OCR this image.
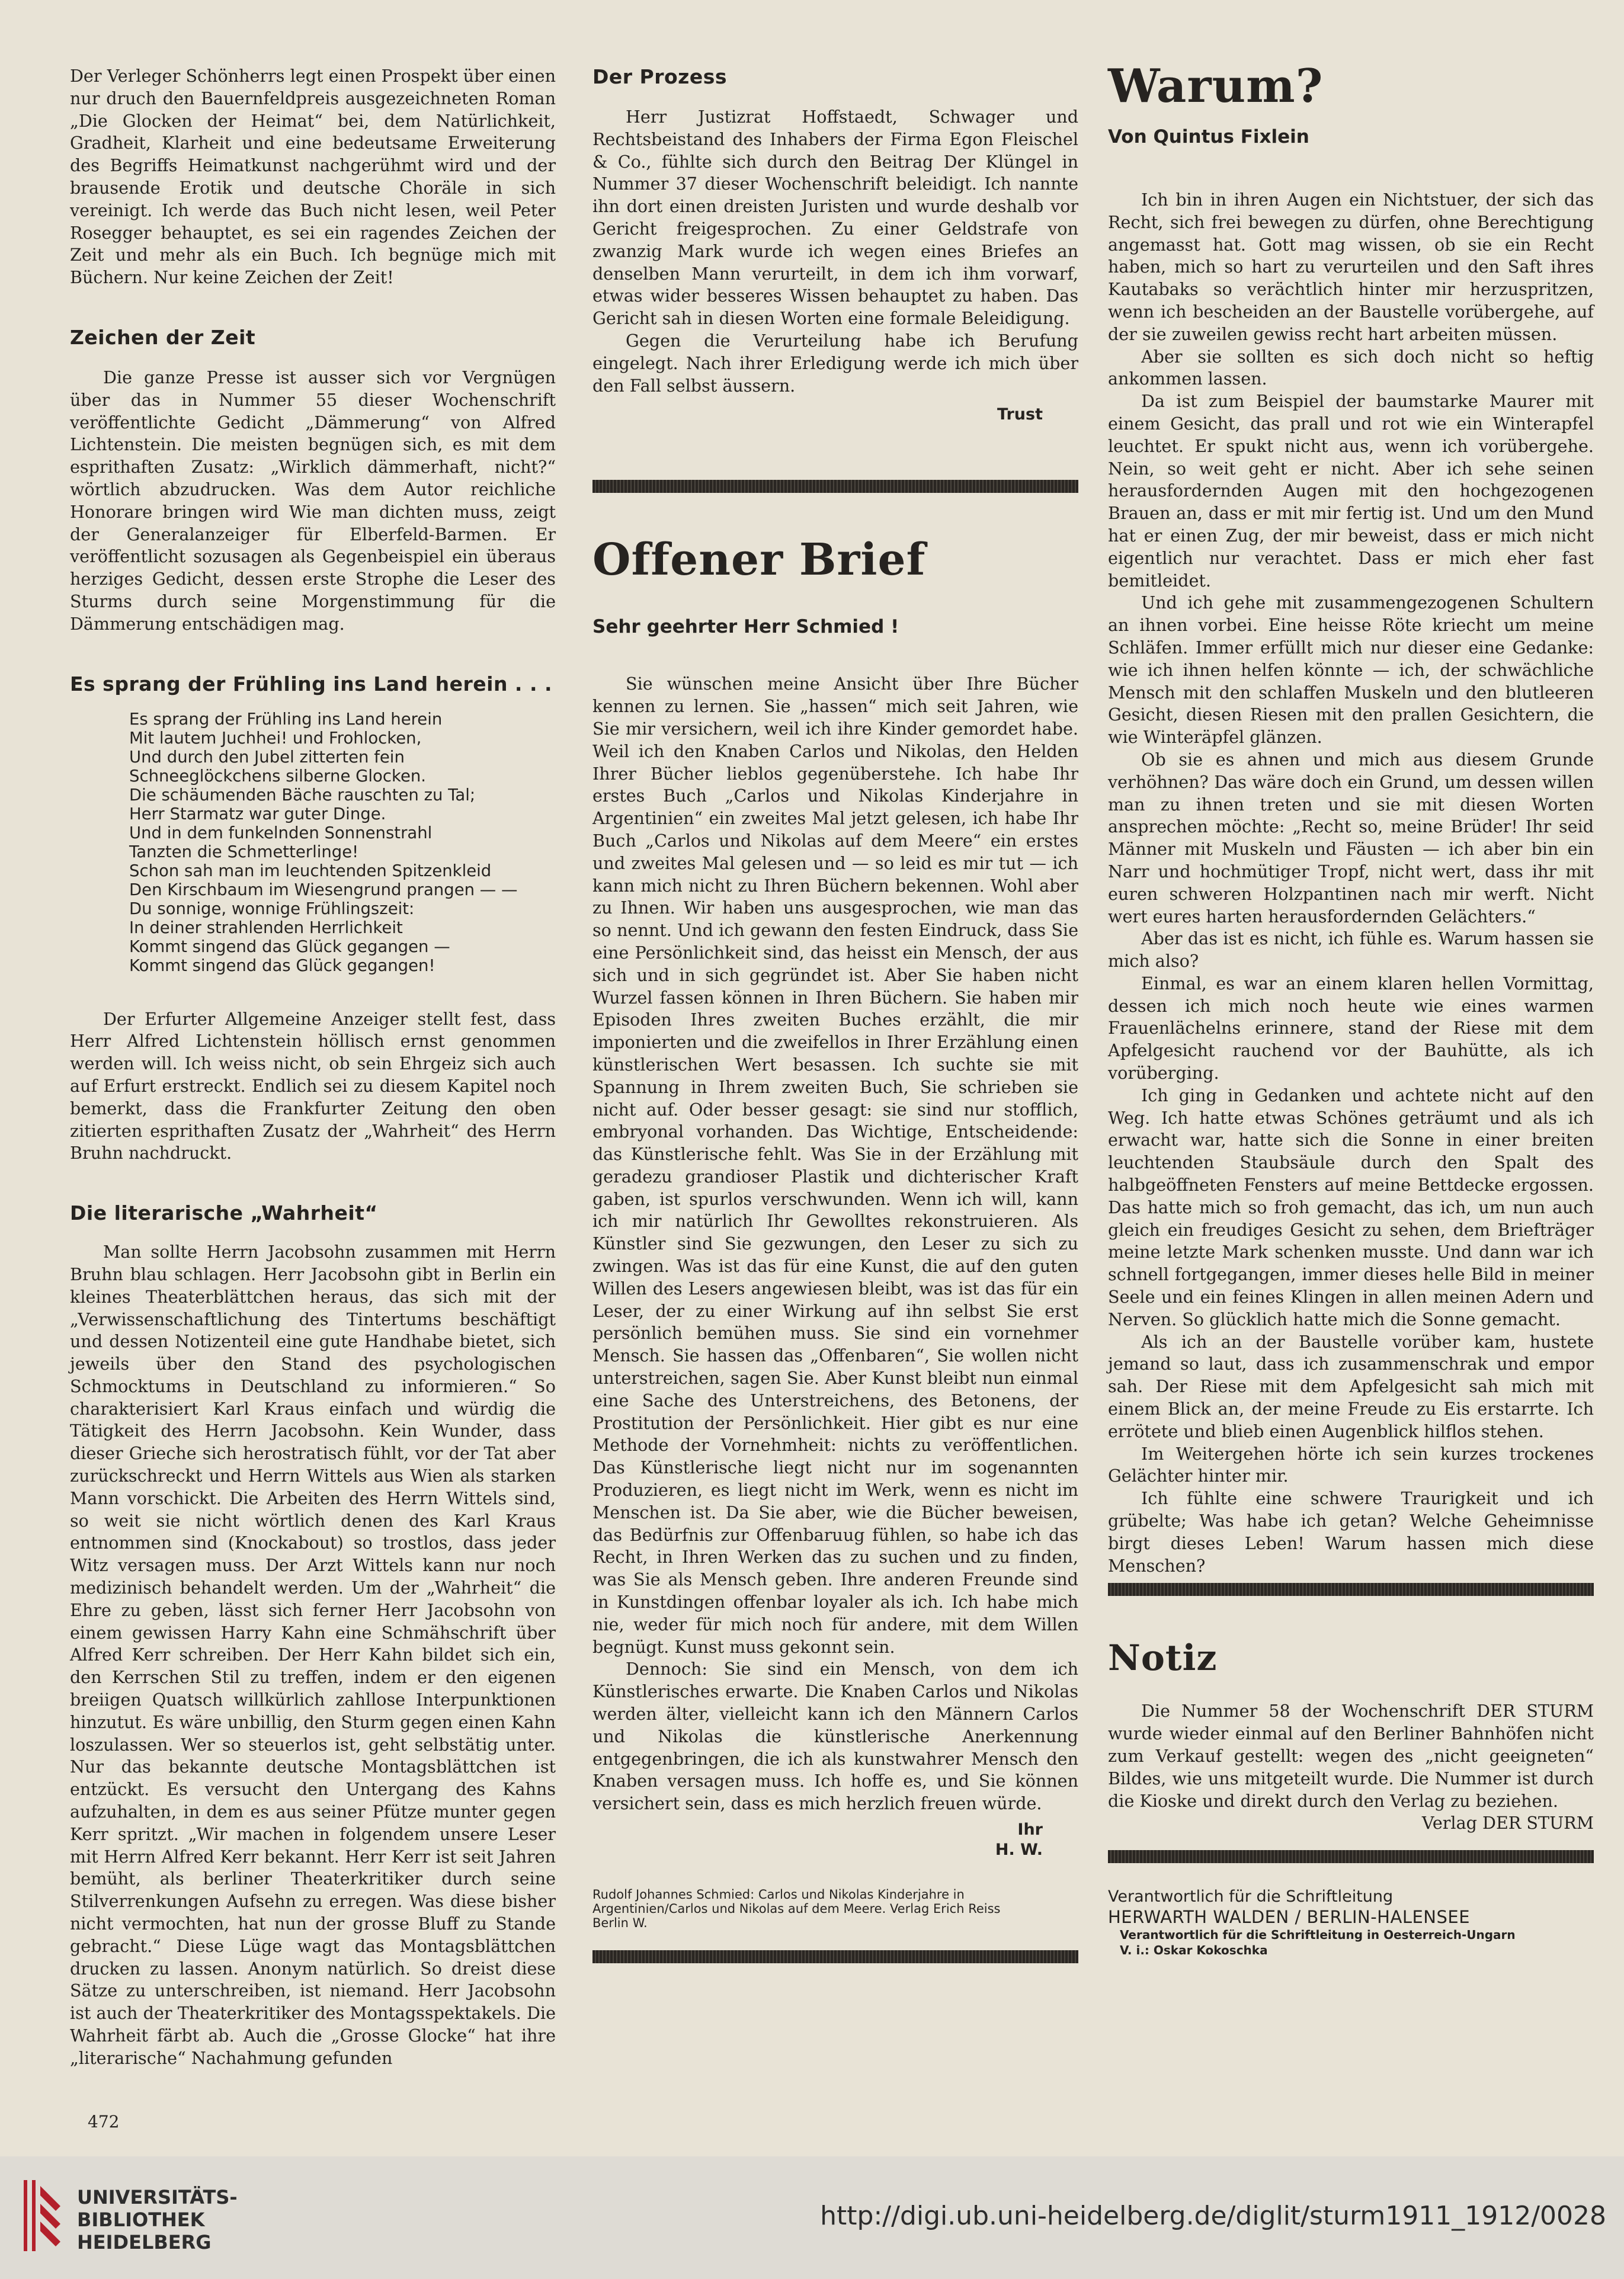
Der Verleger Schönherrs legt einen Prospekt über einen nur druch den Bauernfeldpreis ausgezeichneten Roman „Die Glocken der Heimat“ bei, dem Natürlichkeit, Gradheit, Klarheit und eine bedeutsame Erweiterung des Begriffs Heimatkunst nachgerühmt wird und der brausende Erotik und deutsche Choräle in sich vereinigt. Ich werde das Buch nicht lesen, weil Peter Rosegger behauptet, es sei ein ragendes Zeichen der Zeit und mehr als ein Buch. Ich begnüge mich mit Büchern. Nur keine Zeichen der Zeit!

Zeichen der Zeit

Die ganze Presse ist ausser sich vor Vergnügen über das in Nummer 55 dieser Wochenschrift veröffentlichte Gedicht „Dämmerung“ von Alfred Lichtenstein. Die meisten begnügen sich, es mit dem esprithaften Zusatz: „Wirklich dämmerhaft, nicht?“ wörtlich abzudrucken. Was dem Autor reichliche Honorare bringen wird Wie man dichten muss, zeigt der Generalanzeiger für Elberfeld-Barmen. Er veröffentlicht sozusagen als Gegenbeispiel ein überaus herziges Gedicht, dessen erste Strophe die Leser des Sturms durch seine Morgenstimmung für die Dämmerung entschädigen mag.

Es sprang der Frühling ins Land herein . . .

Es sprang der Frühling ins Land herein
Mit lautem Juchhei! und Frohlocken,
Und durch den Jubel zitterten fein
Schneeglöckchens silberne Glocken.
Die schäumenden Bäche rauschten zu Tal;
Herr Starmatz war guter Dinge.
Und in dem funkelnden Sonnenstrahl
Tanzten die Schmetterlinge!
Schon sah man im leuchtenden Spitzenkleid
Den Kirschbaum im Wiesengrund prangen — —
Du sonnige, wonnige Frühlingszeit:
In deiner strahlenden Herrlichkeit
Kommt singend das Glück gegangen —
Kommt singend das Glück gegangen!

Der Erfurter Allgemeine Anzeiger stellt fest, dass Herr Alfred Lichtenstein höllisch ernst genommen werden will. Ich weiss nicht, ob sein Ehrgeiz sich auch auf Erfurt erstreckt. Endlich sei zu diesem Kapitel noch bemerkt, dass die Frankfurter Zeitung den oben zitierten esprithaften Zusatz der „Wahrheit“ des Herrn Bruhn nachdruckt.

Die literarische „Wahrheit“

Man sollte Herrn Jacobsohn zusammen mit Herrn Bruhn blau schlagen. Herr Jacobsohn gibt in Berlin ein kleines Theaterblättchen heraus, das sich mit der „Verwissenschaftlichung des Tintertums beschäftigt und dessen Notizenteil eine gute Handhabe bietet, sich jeweils über den Stand des psychologischen Schmocktums in Deutschland zu informieren.“ So charakterisiert Karl Kraus einfach und würdig die Tätigkeit des Herrn Jacobsohn. Kein Wunder, dass dieser Grieche sich herostratisch fühlt, vor der Tat aber zurückschreckt und Herrn Wittels aus Wien als starken Mann vorschickt. Die Arbeiten des Herrn Wittels sind, so weit sie nicht wörtlich denen des Karl Kraus entnommen sind (Knockabout) so trostlos, dass jeder Witz versagen muss. Der Arzt Wittels kann nur noch medizinisch behandelt werden. Um der „Wahrheit“ die Ehre zu geben, lässt sich ferner Herr Jacobsohn von einem gewissen Harry Kahn eine Schmähschrift über Alfred Kerr schreiben. Der Herr Kahn bildet sich ein, den Kerrschen Stil zu treffen, indem er den eigenen breiigen Quatsch willkürlich zahllose Interpunktionen hinzutut. Es wäre unbillig, den Sturm gegen einen Kahn loszulassen. Wer so steuerlos ist, geht selbstätig unter. Nur das bekannte deutsche Montagsblättchen ist entzückt. Es versucht den Untergang des Kahns aufzuhalten, in dem es aus seiner Pfütze munter gegen Kerr spritzt. „Wir machen in folgendem unsere Leser mit Herrn Alfred Kerr bekannt. Herr Kerr ist seit Jahren bemüht, als berliner Theaterkritiker durch seine Stilverrenkungen Aufsehn zu erregen. Was diese bisher nicht vermochten, hat nun der grosse Bluff zu Stande gebracht.“ Diese Lüge wagt das Montagsblättchen drucken zu lassen. Anonym natürlich. So dreist diese Sätze zu unterschreiben, ist niemand. Herr Jacobsohn ist auch der Theaterkritiker des Montagsspektakels. Die Wahrheit färbt ab. Auch die „Grosse Glocke“ hat ihre „literarische“ Nachahmung gefunden

Der Prozess

Herr Justizrat Hoffstaedt, Schwager und Rechtsbeistand des Inhabers der Firma Egon Fleischel & Co., fühlte sich durch den Beitrag Der Klüngel in Nummer 37 dieser Wochenschrift beleidigt. Ich nannte ihn dort einen dreisten Juristen und wurde deshalb vor Gericht freigesprochen. Zu einer Geldstrafe von zwanzig Mark wurde ich wegen eines Briefes an denselben Mann verurteilt, in dem ich ihm vorwarf, etwas wider besseres Wissen behauptet zu haben. Das Gericht sah in diesen Worten eine formale Beleidigung.

Gegen die Verurteilung habe ich Berufung eingelegt. Nach ihrer Erledigung werde ich mich über den Fall selbst äussern.

Trust

Offener Brief

Sehr geehrter Herr Schmied !

Sie wünschen meine Ansicht über Ihre Bücher kennen zu lernen. Sie „hassen“ mich seit Jahren, wie Sie mir versichern, weil ich ihre Kinder gemordet habe. Weil ich den Knaben Carlos und Nikolas, den Helden Ihrer Bücher lieblos gegenüberstehe. Ich habe Ihr erstes Buch „Carlos und Nikolas Kinderjahre in Argentinien“ ein zweites Mal jetzt gelesen, ich habe Ihr Buch „Carlos und Nikolas auf dem Meere“ ein erstes und zweites Mal gelesen und — so leid es mir tut — ich kann mich nicht zu Ihren Büchern bekennen. Wohl aber zu Ihnen. Wir haben uns ausgesprochen, wie man das so nennt. Und ich gewann den festen Eindruck, dass Sie eine Persönlichkeit sind, das heisst ein Mensch, der aus sich und in sich gegründet ist. Aber Sie haben nicht Wurzel fassen können in Ihren Büchern. Sie haben mir Episoden Ihres zweiten Buches erzählt, die mir imponierten und die zweifellos in Ihrer Erzählung einen künstlerischen Wert besassen. Ich suchte sie mit Spannung in Ihrem zweiten Buch, Sie schrieben sie nicht auf. Oder besser gesagt: sie sind nur stofflich, embryonal vorhanden. Das Wichtige, Entscheidende: das Künstlerische fehlt. Was Sie in der Erzählung mit geradezu grandioser Plastik und dichterischer Kraft gaben, ist spurlos verschwunden. Wenn ich will, kann ich mir natürlich Ihr Gewolltes rekonstruieren. Als Künstler sind Sie gezwungen, den Leser zu sich zu zwingen. Was ist das für eine Kunst, die auf den guten Willen des Lesers angewiesen bleibt, was ist das für ein Leser, der zu einer Wirkung auf ihn selbst Sie erst persönlich bemühen muss. Sie sind ein vornehmer Mensch. Sie hassen das „Offenbaren“, Sie wollen nicht unterstreichen, sagen Sie. Aber Kunst bleibt nun einmal eine Sache des Unterstreichens, des Betonens, der Prostitution der Persönlichkeit. Hier gibt es nur eine Methode der Vornehmheit: nichts zu veröffentlichen. Das Künstlerische liegt nicht nur im sogenannten Produzieren, es liegt nicht im Werk, wenn es nicht im Menschen ist. Da Sie aber, wie die Bücher beweisen, das Bedürfnis zur Offenbaruug fühlen, so habe ich das Recht, in Ihren Werken das zu suchen und zu finden, was Sie als Mensch geben. Ihre anderen Freunde sind in Kunstdingen offenbar loyaler als ich. Ich habe mich nie, weder für mich noch für andere, mit dem Willen begnügt. Kunst muss gekonnt sein.

Dennoch: Sie sind ein Mensch, von dem ich Künstlerisches erwarte. Die Knaben Carlos und Nikolas werden älter, vielleicht kann ich den Männern Carlos und Nikolas die künstlerische Anerkennung entgegenbringen, die ich als kunstwahrer Mensch den Knaben versagen muss. Ich hoffe es, und Sie können versichert sein, dass es mich herzlich freuen würde.

Ihr
H. W.

Rudolf Johannes Schmied: Carlos und Nikolas Kinderjahre in
Argentinien/Carlos und Nikolas auf dem Meere. Verlag Erich Reiss
Berlin W.

Warum?

Von Quintus Fixlein

Ich bin in ihren Augen ein Nichtstuer, der sich das Recht, sich frei bewegen zu dürfen, ohne Berechtigung angemasst hat. Gott mag wissen, ob sie ein Recht haben, mich so hart zu verurteilen und den Saft ihres Kautabaks so verächtlich hinter mir herzuspritzen, wenn ich bescheiden an der Baustelle vorübergehe, auf der sie zuweilen gewiss recht hart arbeiten müssen.

Aber sie sollten es sich doch nicht so heftig ankommen lassen.

Da ist zum Beispiel der baumstarke Maurer mit einem Gesicht, das prall und rot wie ein Winterapfel leuchtet. Er spukt nicht aus, wenn ich vorübergehe. Nein, so weit geht er nicht. Aber ich sehe seinen herausfordernden Augen mit den hochgezogenen Brauen an, dass er mit mir fertig ist. Und um den Mund hat er einen Zug, der mir beweist, dass er mich nicht eigentlich nur verachtet. Dass er mich eher fast bemitleidet.

Und ich gehe mit zusammengezogenen Schultern an ihnen vorbei. Eine heisse Röte kriecht um meine Schläfen. Immer erfüllt mich nur dieser eine Gedanke: wie ich ihnen helfen könnte — ich, der schwächliche Mensch mit den schlaffen Muskeln und den blutleeren Gesicht, diesen Riesen mit den prallen Gesichtern, die wie Winteräpfel glänzen.

Ob sie es ahnen und mich aus diesem Grunde verhöhnen? Das wäre doch ein Grund, um dessen willen man zu ihnen treten und sie mit diesen Worten ansprechen möchte: „Recht so, meine Brüder! Ihr seid Männer mit Muskeln und Fäusten — ich aber bin ein Narr und hochmütiger Tropf, nicht wert, dass ihr mit euren schweren Holzpantinen nach mir werft. Nicht wert eures harten herausfordernden Gelächters.“

Aber das ist es nicht, ich fühle es. Warum hassen sie mich also?

Einmal, es war an einem klaren hellen Vormittag, dessen ich mich noch heute wie eines warmen Frauenlächelns erinnere, stand der Riese mit dem Apfelgesicht rauchend vor der Bauhütte, als ich vorüberging.

Ich ging in Gedanken und achtete nicht auf den Weg. Ich hatte etwas Schönes geträumt und als ich erwacht war, hatte sich die Sonne in einer breiten leuchtenden Staubsäule durch den Spalt des halbgeöffneten Fensters auf meine Bettdecke ergossen. Das hatte mich so froh gemacht, das ich, um nun auch gleich ein freudiges Gesicht zu sehen, dem Briefträger meine letzte Mark schenken musste. Und dann war ich schnell fortgegangen, immer dieses helle Bild in meiner Seele und ein feines Klingen in allen meinen Adern und Nerven. So glücklich hatte mich die Sonne gemacht.

Als ich an der Baustelle vorüber kam, hustete jemand so laut, dass ich zusammenschrak und empor sah. Der Riese mit dem Apfelgesicht sah mich mit einem Blick an, der meine Freude zu Eis erstarrte. Ich errötete und blieb einen Augenblick hilflos stehen.

Im Weitergehen hörte ich sein kurzes trockenes Gelächter hinter mir.

Ich fühlte eine schwere Traurigkeit und ich grübelte; Was habe ich getan? Welche Geheimnisse birgt dieses Leben! Warum hassen mich diese Menschen?

Notiz

Die Nummer 58 der Wochenschrift DER STURM wurde wieder einmal auf den Berliner Bahnhöfen nicht zum Verkauf gestellt: wegen des „nicht geeigneten“ Bildes, wie uns mitgeteilt wurde. Die Nummer ist durch die Kioske und direkt durch den Verlag zu beziehen.

Verlag DER STURM

Verantwortlich für die Schriftleitung

HERWARTH WALDEN / BERLIN-HALENSEE

Verantwortlich für die Schriftleitung in Oesterreich-Ungarn

V. i.: Oskar Kokoschka

472
UNIVERSITÄTS-
BIBLIOTHEK
HEIDELBERG
http://digi.ub.uni-heidelberg.de/diglit/sturm1911_1912/0028
